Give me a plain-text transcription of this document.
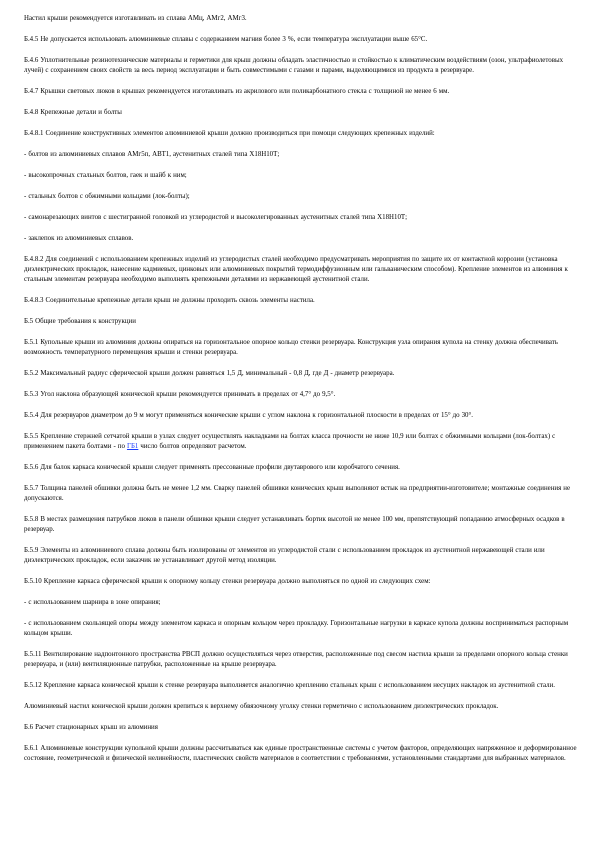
Настил крыши рекомендуется изготавливать из сплава АМц, АМг2, АМг3.

Б.4.5 Не допускается использовать алюминиевые сплавы с содержанием магния более 3 %, если температура эксплуатации выше 65°С.

Б.4.6 Уплотнительные резинотехнические материалы и герметики для крыш должны обладать эластичностью и стойкостью к климатическим воздействиям (озон, ультрафиолетовых лучей) с сохранением своих свойств за весь период эксплуатации и быть совместимыми с газами и парами, выделяющимися из продукта в резервуаре.

Б.4.7 Крышки световых люков в крышах рекомендуется изготавливать из акрилового или поликарбонатного стекла с толщиной не менее 6 мм.

Б.4.8 Крепежные детали и болты

Б.4.8.1 Соединение конструктивных элементов алюминиевой крыши должно производиться при помощи следующих крепежных изделий:

- болтов из алюминиевых сплавов АМг5п, АВТ1, аустенитных сталей типа Х18Н10Т;

- высокопрочных стальных болтов, гаек и шайб к ним;

- стальных болтов с обжимными кольцами (лок-болты);

- самонарезающих винтов с шестигранной головкой из углеродистой и высоколегированных аустенитных сталей типа Х18Н10Т;

- заклепок из алюминиевых сплавов.

Б.4.8.2 Для соединений с использованием крепежных изделий из углеродистых сталей необходимо предусматривать мероприятия по защите их от контактной коррозии (установка диэлектрических прокладок, нанесение кадмиевых, цинковых или алюминиевых покрытий термодиффузионным или гальваническим способом). Крепление элементов из алюминия к стальным элементам резервуара необходимо выполнять крепежными деталями из нержавеющей аустенитной стали.

Б.4.8.3 Соединительные крепежные детали крыш не должны проходить сквозь элементы настила.

Б.5 Общие требования к конструкции

Б.5.1 Купольные крыши из алюминия должны опираться на горизонтальное опорное кольцо стенки резервуара. Конструкция узла опирания купола на стенку должна обеспечивать возможность температурного перемещения крыши и стенки резервуара.

Б.5.2 Максимальный радиус сферической крыши должен равняться 1,5 Д, минимальный - 0,8 Д, где Д - диаметр резервуара.

Б.5.3 Угол наклона образующей конической крыши рекомендуется принимать в пределах от 4,7° до 9,5°.

Б.5.4 Для резервуаров диаметром до 9 м могут применяться конические крыши с углом наклона к горизонтальной плоскости в пределах от 15° до 30°.

Б.5.5 Крепление стержней сетчатой крыши в узлах следует осуществлять накладками на болтах класса прочности не ниже 10,9 или болтах с обжимными кольцами (лок-болтах) с применением пакета болтами - по ГБ1 число болтов определяют расчетом.

Б.5.6 Для балок каркаса конической крыши следует применять прессованные профили двутаврового или коробчатого сечения.

Б.5.7 Толщина панелей обшивки должна быть не менее 1,2 мм. Сварку панелей обшивки конических крыш выполняют встык на предприятии-изготовителе; монтажные соединения не допускаются.

Б.5.8 В местах размещения патрубков люков в панели обшивки крыши следует устанавливать бортик высотой не менее 100 мм, препятствующий попаданию атмосферных осадков в резервуар.

Б.5.9 Элементы из алюминиевого сплава должны быть изолированы от элементов из углеродистой стали с использованием прокладок из аустенитной нержавеющей стали или диэлектрических прокладок, если заказчик не устанавливает другой метод изоляции.

Б.5.10 Крепление каркаса сферической крыши к опорному кольцу стенки резервуара должно выполняться по одной из следующих схем:

- с использованием шарнира в зоне опирания;

- с использованием скользящей опоры между элементом каркаса и опорным кольцом через прокладку. Горизонтальные нагрузки в каркасе купола должны восприниматься распорным кольцом крыши.

Б.5.11 Вентилирование надпонтонного пространства РВСП должно осуществляться через отверстия, расположенные под свесом настила крыши за пределами опорного кольца стенки резервуара, и (или) вентиляционные патрубки, расположенные на крыше резервуара.

Б.5.12 Крепление каркаса конической крыши к стенке резервуара выполняется аналогично креплению стальных крыш с использованием несущих накладок из аустенитной стали.

Алюминиевый настил конической крыши должен крепиться к верхнему обвязочному уголку стенки герметично с использованием диэлектрических прокладок.

Б.6 Расчет стационарных крыш из алюминия

Б.6.1 Алюминиевые конструкции купольной крыши должны рассчитываться как единые пространственные системы с учетом факторов, определяющих напряженное и деформированное состояние, геометрической и физической нелинейности, пластических свойств материалов в соответствии с требованиями, установленными стандартами для выбранных материалов.
